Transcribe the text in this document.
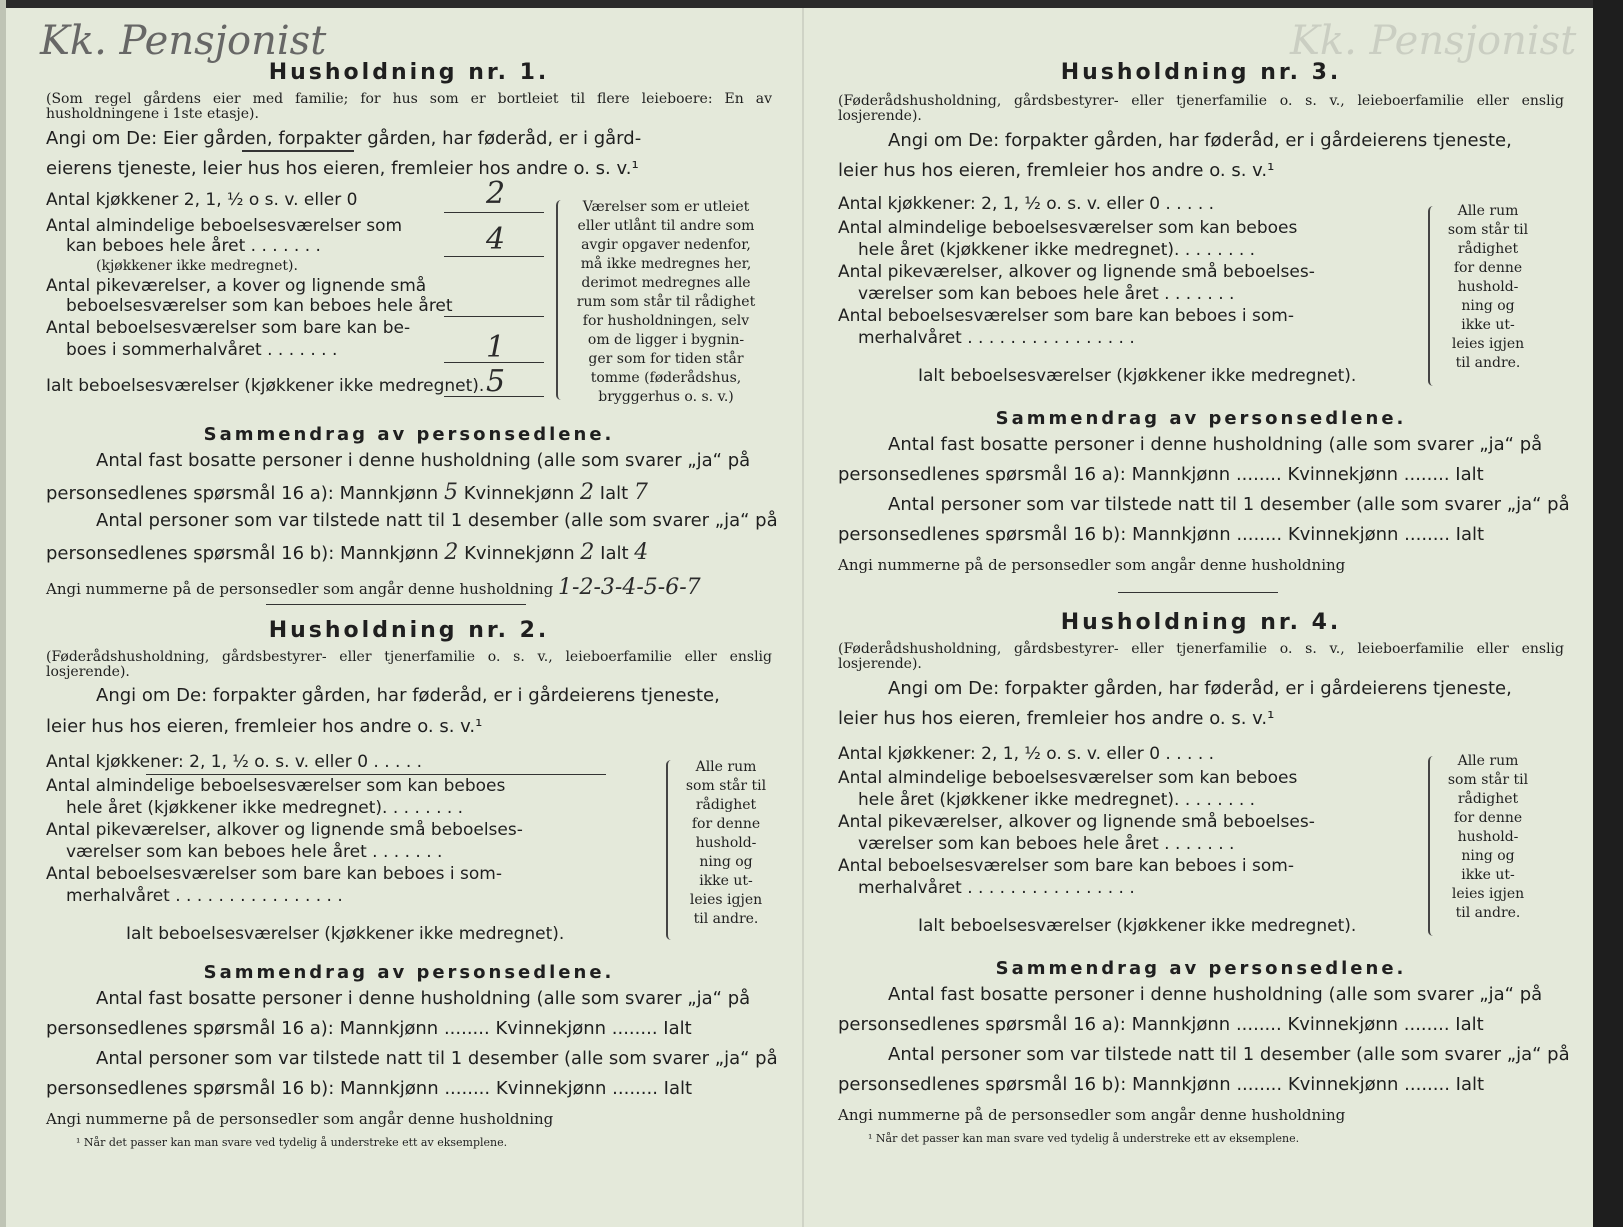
Kk. Pensjonist	Kk. Pensjonist
Husholdning nr. 1.
(Som regel gårdens eier med familie; for hus som er bortleiet til flere leieboere: En av husholdningene i 1ste etasje).
Angi om De: Eier gården, forpakter gården, har føderåd, er i gård-
eierens tjeneste, leier hus hos eieren, fremleier hos andre o. s. v.¹
Antal kjøkkener 2, 1, ½ o s. v. eller 0
Antal almindelige beboelsesværelser som
kan beboes hele året . . . . . . .
(kjøkkener ikke medregnet).
Antal pikeværelser, a kover og lignende små
beboelsesværelser som kan beboes hele året
Antal beboelsesværelser som bare kan be-
boes i sommerhalvåret . . . . . . .
Ialt beboelsesværelser (kjøkkener ikke medregnet).
2
4
1
5
Værelser som er utleiet
eller utlånt til andre som
avgir opgaver nedenfor,
må ikke medregnes her,
derimot medregnes alle
rum som står til rådighet
for husholdningen, selv
om de ligger i bygnin-
ger som for tiden står
tomme (føderådshus,
bryggerhus o. s. v.)
Sammendrag av personsedlene.
Antal fast bosatte personer i denne husholdning (alle som svarer „ja“ på
personsedlenes spørsmål 16 a): Mannkjønn 5 Kvinnekjønn 2 Ialt 7
Antal personer som var tilstede natt til 1 desember (alle som svarer „ja“ på
personsedlenes spørsmål 16 b): Mannkjønn 2 Kvinnekjønn 2 Ialt 4
Angi nummerne på de personsedler som angår denne husholdning 1-2-3-4-5-6-7
Husholdning nr. 2.
(Føderådshusholdning, gårdsbestyrer- eller tjenerfamilie o. s. v., leieboerfamilie eller enslig losjerende).
Angi om De: forpakter gården, har føderåd, er i gårdeierens tjeneste,
leier hus hos eieren, fremleier hos andre o. s. v.¹
Antal kjøkkener: 2, 1, ½ o. s. v. eller 0 . . . . .
Antal almindelige beboelsesværelser som kan beboes
hele året (kjøkkener ikke medregnet). . . . . . . .
Antal pikeværelser, alkover og lignende små beboelses-
værelser som kan beboes hele året . . . . . . .
Antal beboelsesværelser som bare kan beboes i som-
merhalvåret . . . . . . . . . . . . . . . .
Ialt beboelsesværelser (kjøkkener ikke medregnet).
Alle rum
som står til
rådighet
for denne
hushold-
ning og
ikke ut-
leies igjen
til andre.
Sammendrag av personsedlene.
Antal fast bosatte personer i denne husholdning (alle som svarer „ja“ på
personsedlenes spørsmål 16 a): Mannkjønn ........ Kvinnekjønn ........ Ialt
Antal personer som var tilstede natt til 1 desember (alle som svarer „ja“ på
personsedlenes spørsmål 16 b): Mannkjønn ........ Kvinnekjønn ........ Ialt
Angi nummerne på de personsedler som angår denne husholdning
¹ Når det passer kan man svare ved tydelig å understreke ett av eksemplene.
Husholdning nr. 3.
(Føderådshusholdning, gårdsbestyrer- eller tjenerfamilie o. s. v., leieboerfamilie eller enslig losjerende).
Angi om De: forpakter gården, har føderåd, er i gårdeierens tjeneste,
leier hus hos eieren, fremleier hos andre o. s. v.¹
Antal kjøkkener: 2, 1, ½ o. s. v. eller 0 . . . . .
Antal almindelige beboelsesværelser som kan beboes
hele året (kjøkkener ikke medregnet). . . . . . . .
Antal pikeværelser, alkover og lignende små beboelses-
værelser som kan beboes hele året . . . . . . .
Antal beboelsesværelser som bare kan beboes i som-
merhalvåret . . . . . . . . . . . . . . . .
Ialt beboelsesværelser (kjøkkener ikke medregnet).
Alle rum
som står til
rådighet
for denne
hushold-
ning og
ikke ut-
leies igjen
til andre.
Sammendrag av personsedlene.
Antal fast bosatte personer i denne husholdning (alle som svarer „ja“ på
personsedlenes spørsmål 16 a): Mannkjønn ........ Kvinnekjønn ........ Ialt
Antal personer som var tilstede natt til 1 desember (alle som svarer „ja“ på
personsedlenes spørsmål 16 b): Mannkjønn ........ Kvinnekjønn ........ Ialt
Angi nummerne på de personsedler som angår denne husholdning
Husholdning nr. 4.
(Føderådshusholdning, gårdsbestyrer- eller tjenerfamilie o. s. v., leieboerfamilie eller enslig losjerende).
Angi om De: forpakter gården, har føderåd, er i gårdeierens tjeneste,
leier hus hos eieren, fremleier hos andre o. s. v.¹
Antal kjøkkener: 2, 1, ½ o. s. v. eller 0 . . . . .
Antal almindelige beboelsesværelser som kan beboes
hele året (kjøkkener ikke medregnet). . . . . . . .
Antal pikeværelser, alkover og lignende små beboelses-
værelser som kan beboes hele året . . . . . . .
Antal beboelsesværelser som bare kan beboes i som-
merhalvåret . . . . . . . . . . . . . . . .
Ialt beboelsesværelser (kjøkkener ikke medregnet).
Alle rum
som står til
rådighet
for denne
hushold-
ning og
ikke ut-
leies igjen
til andre.
Sammendrag av personsedlene.
Antal fast bosatte personer i denne husholdning (alle som svarer „ja“ på
personsedlenes spørsmål 16 a): Mannkjønn ........ Kvinnekjønn ........ Ialt
Antal personer som var tilstede natt til 1 desember (alle som svarer „ja“ på
personsedlenes spørsmål 16 b): Mannkjønn ........ Kvinnekjønn ........ Ialt
Angi nummerne på de personsedler som angår denne husholdning
¹ Når det passer kan man svare ved tydelig å understreke ett av eksemplene.
